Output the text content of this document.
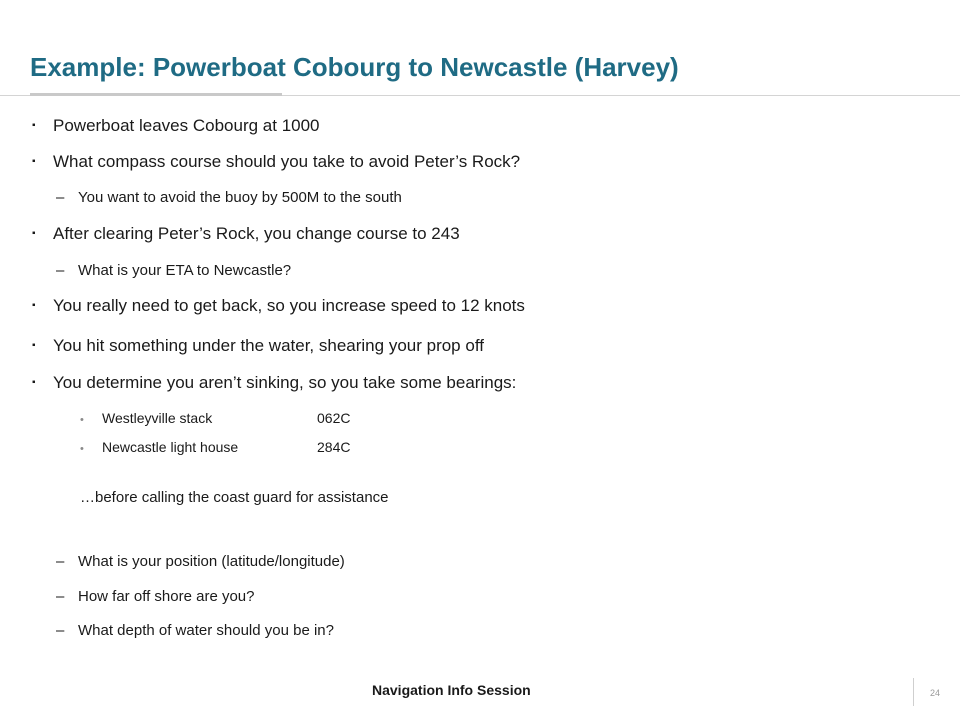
Example: Powerboat Cobourg to Newcastle (Harvey)
▪ Powerboat leaves Cobourg at 1000
▪ What compass course should you take to avoid Peter’s Rock?
– You want to avoid the buoy by 500M to the south
▪ After clearing Peter’s Rock, you change course to 243
– What is your ETA to Newcastle?
▪ You really need to get back, so you increase speed to 12 knots
▪ You hit something under the water, shearing your prop off
▪ You determine you aren’t sinking, so you take some bearings:
• Westleyville stack	062C
• Newcastle light house	284C
…before calling the coast guard for assistance
– What is your position (latitude/longitude)
– How far off shore are you?
– What depth of water should you be in?
Navigation Info Session	24
